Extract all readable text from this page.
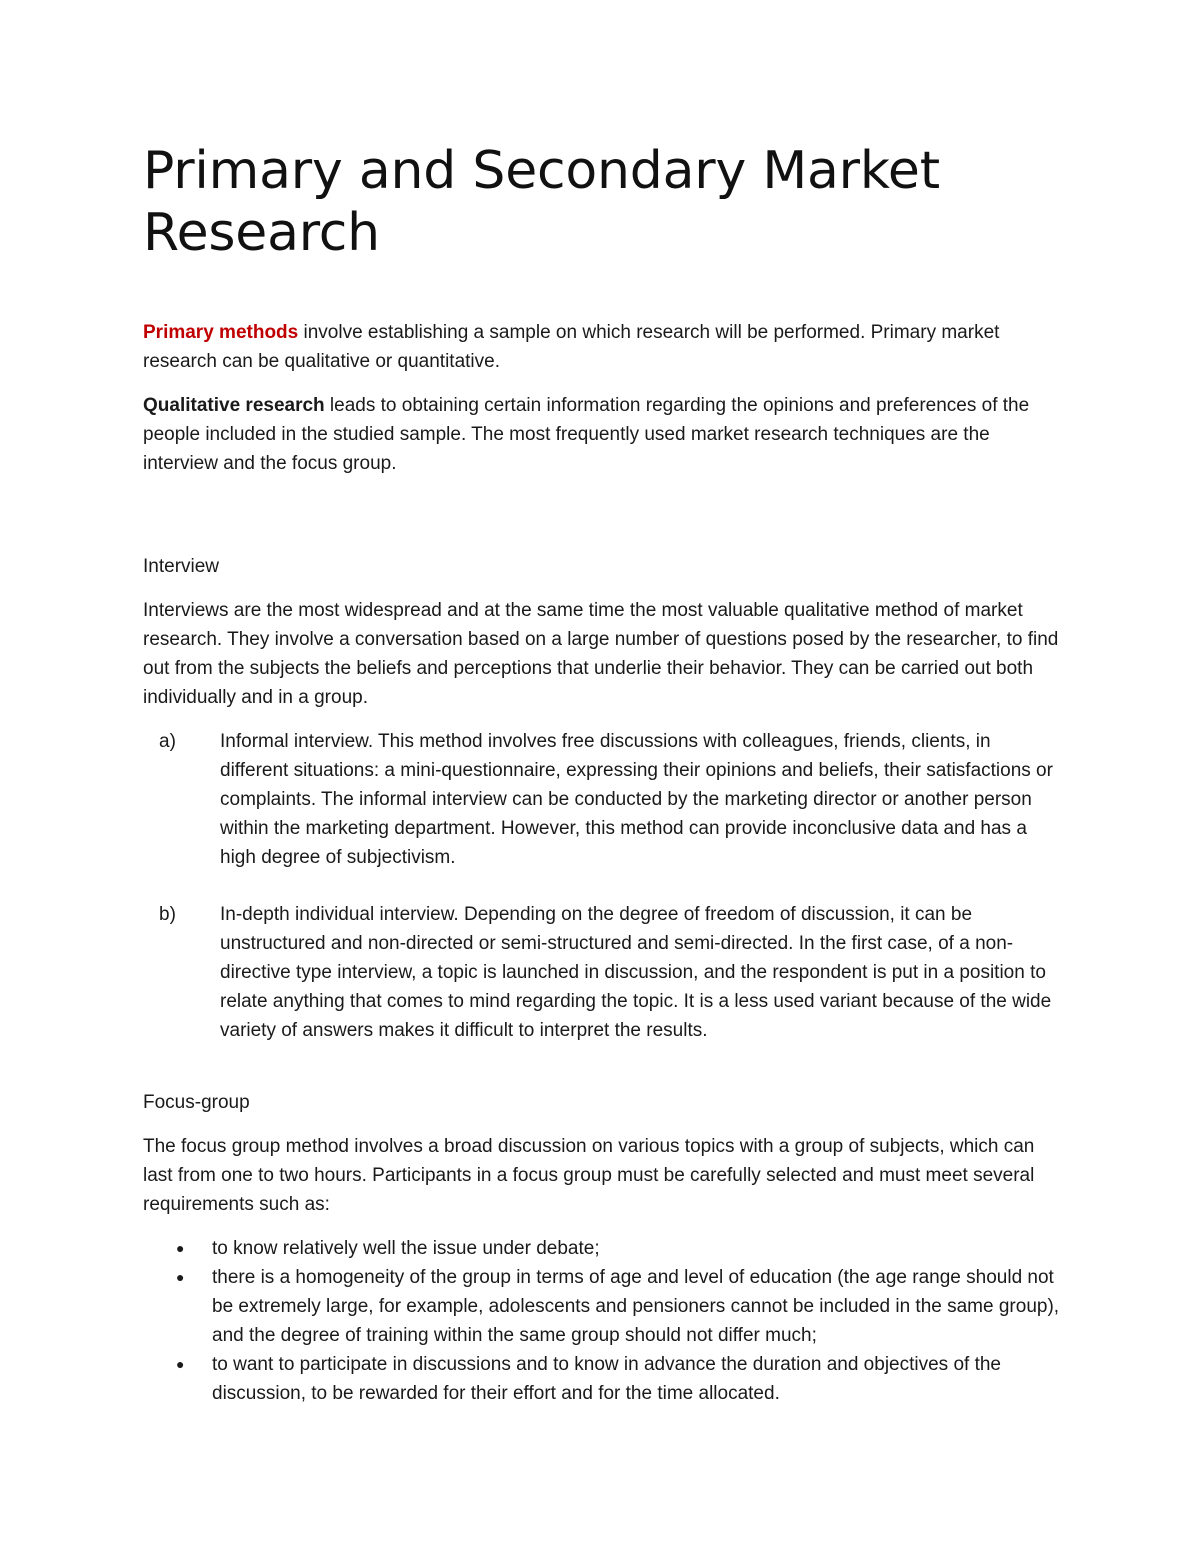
Primary and Secondary Market Research

Primary methods involve establishing a sample on which research will be performed. Primary market research can be qualitative or quantitative.

Qualitative research leads to obtaining certain information regarding the opinions and preferences of the people included in the studied sample. The most frequently used market research techniques are the interview and the focus group.

Interview

Interviews are the most widespread and at the same time the most valuable qualitative method of market research. They involve a conversation based on a large number of questions posed by the researcher, to find out from the subjects the beliefs and perceptions that underlie their behavior. They can be carried out both individually and in a group.

a) Informal interview. This method involves free discussions with colleagues, friends, clients, in different situations: a mini-questionnaire, expressing their opinions and beliefs, their satisfactions or complaints. The informal interview can be conducted by the marketing director or another person within the marketing department. However, this method can provide inconclusive data and has a high degree of subjectivism.
b) In-depth individual interview. Depending on the degree of freedom of discussion, it can be unstructured and non-directed or semi-structured and semi-directed. In the first case, of a non-directive type interview, a topic is launched in discussion, and the respondent is put in a position to relate anything that comes to mind regarding the topic. It is a less used variant because of the wide variety of answers makes it difficult to interpret the results.

Focus-group

The focus group method involves a broad discussion on various topics with a group of subjects, which can last from one to two hours. Participants in a focus group must be carefully selected and must meet several requirements such as:

● to know relatively well the issue under debate;
● there is a homogeneity of the group in terms of age and level of education (the age range should not be extremely large, for example, adolescents and pensioners cannot be included in the same group), and the degree of training within the same group should not differ much;
● to want to participate in discussions and to know in advance the duration and objectives of the discussion, to be rewarded for their effort and for the time allocated.
